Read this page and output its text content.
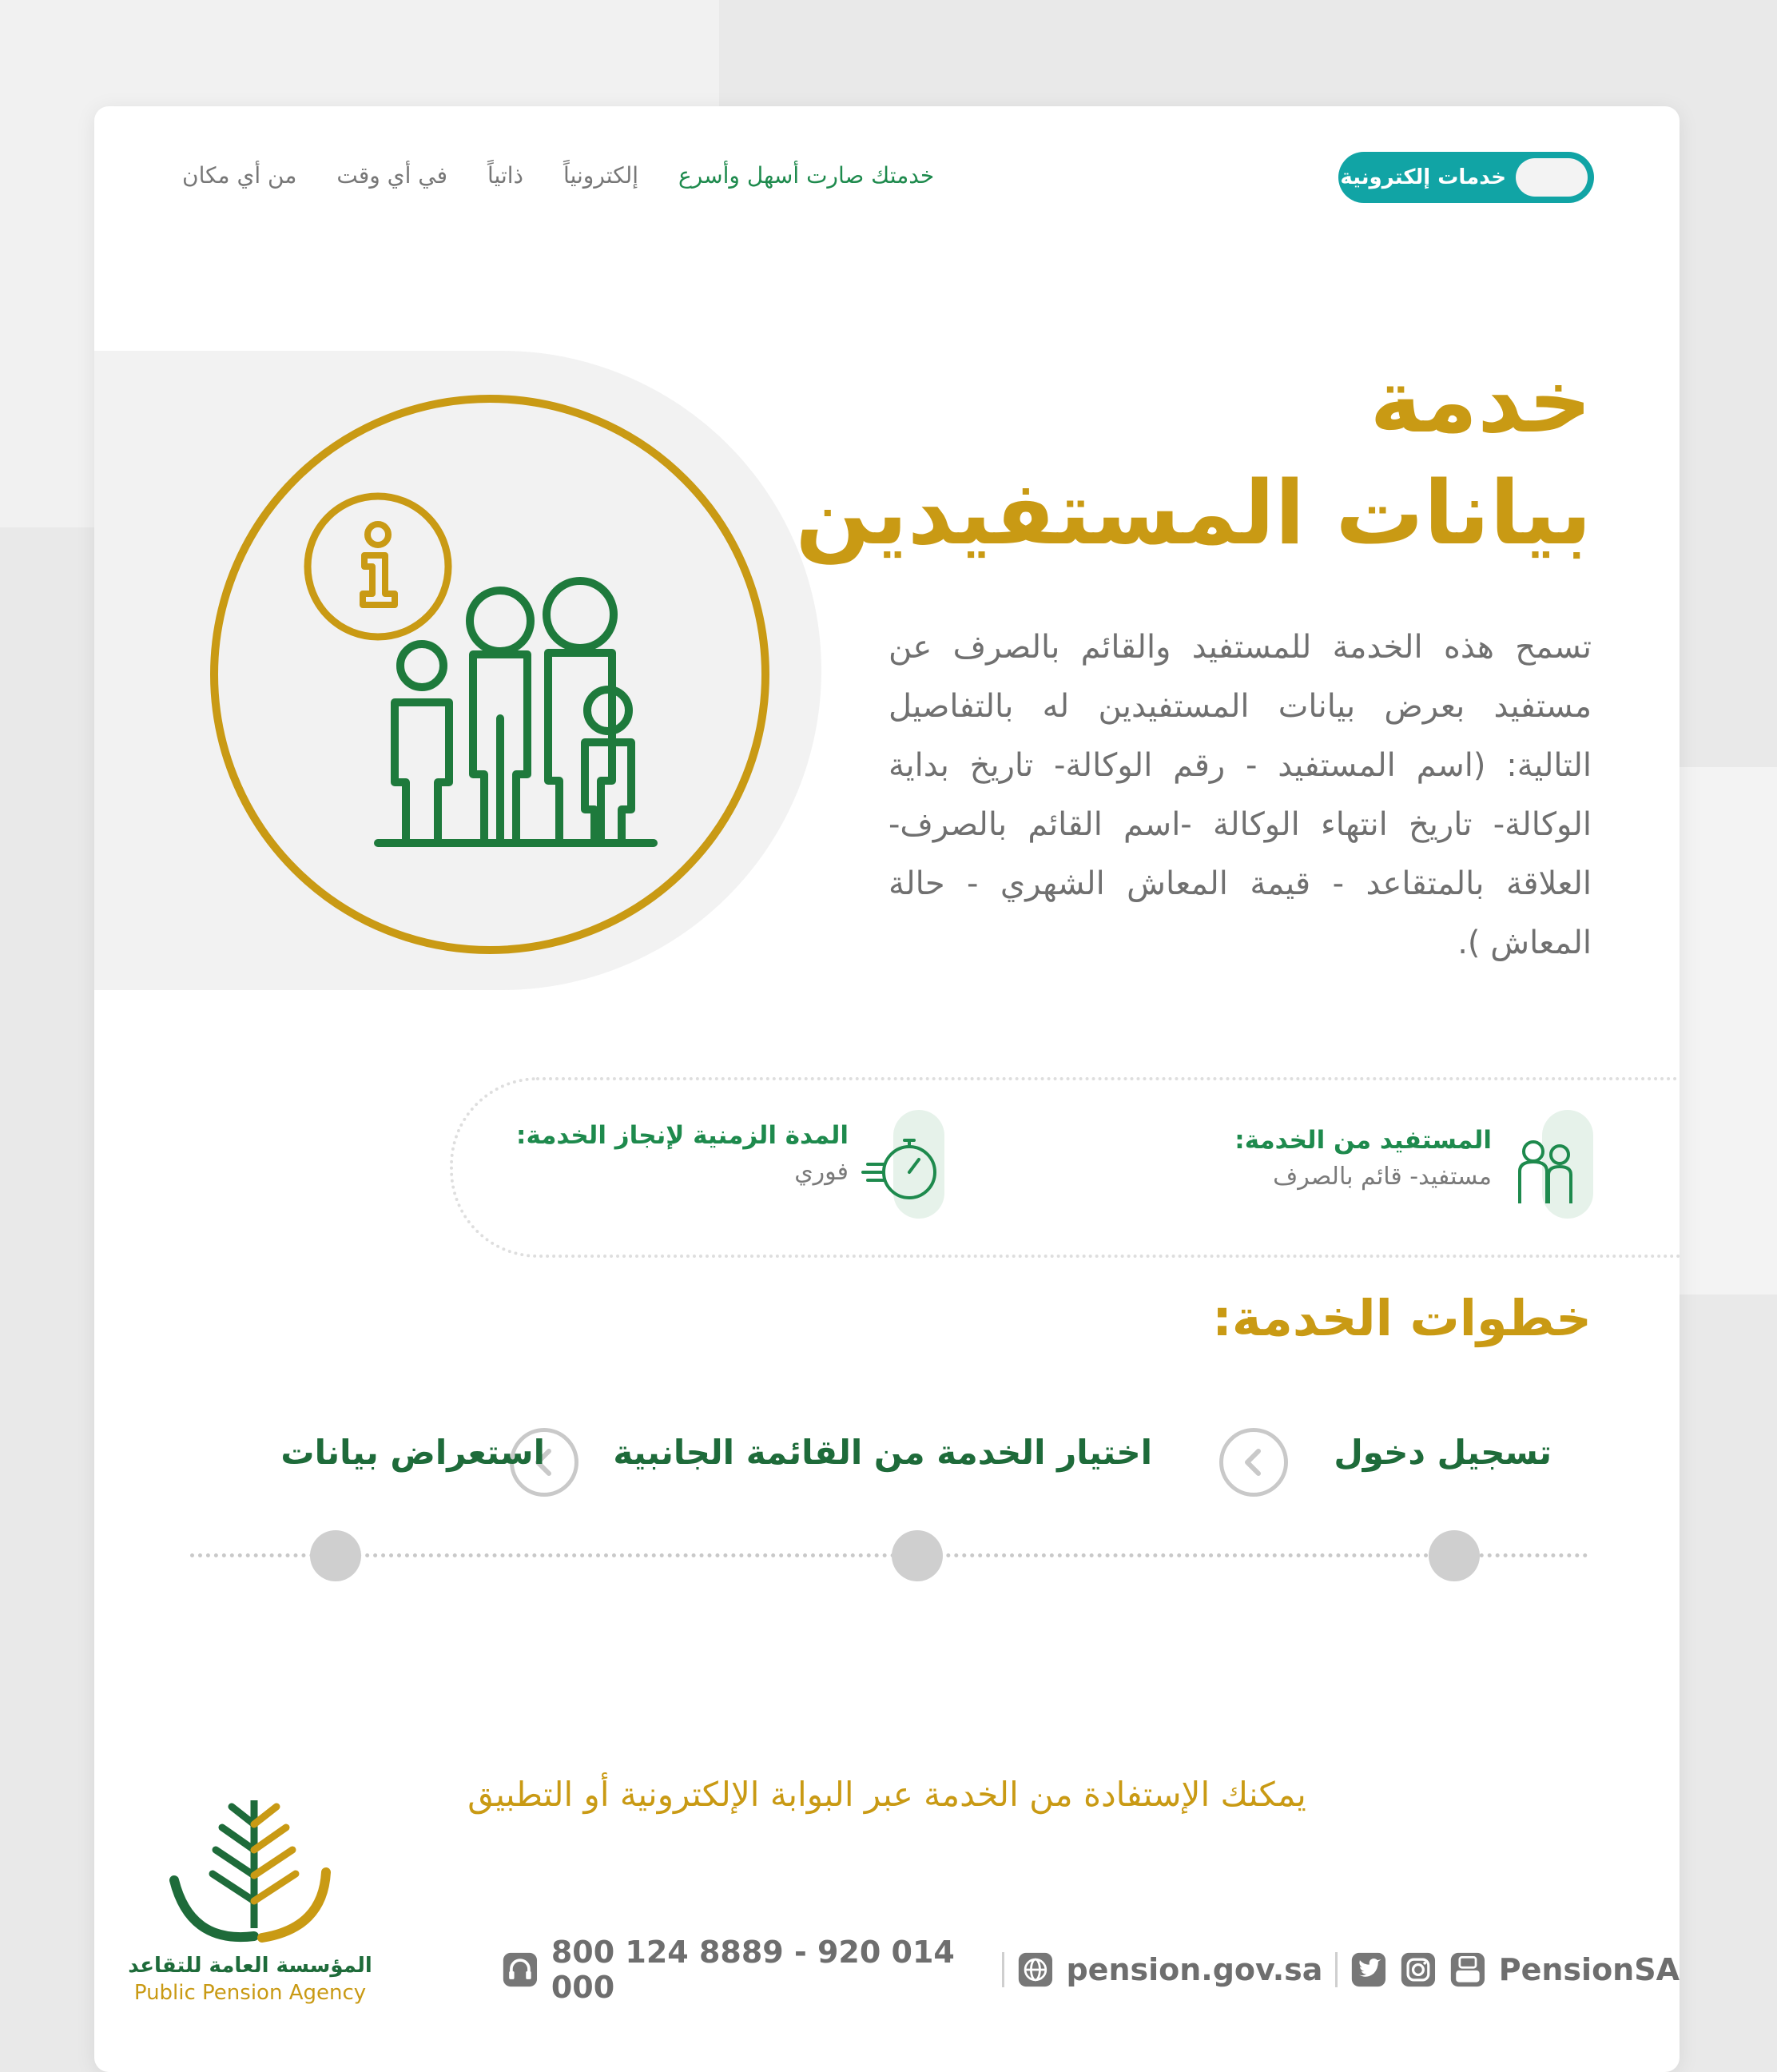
خدمتك صارت أسهل وأسرع
إلكترونياً
ذاتياً
في أي وقت
من أي مكان	خدمات إلكترونية
خدمة
بيانات المستفيدين
تسمح هذه الخدمة للمستفيد والقائم بالصرف عن مستفيد بعرض بيانات المستفيدين له بالتفاصيل التالية: (اسم المستفيد - رقم الوكالة- تاريخ بداية الوكالة- تاريخ انتهاء الوكالة -اسم القائم بالصرف-العلاقة بالمتقاعد - قيمة المعاش الشهري - حالة المعاش ).
المستفيد من الخدمة:
مستفيد- قائم بالصرف
المدة الزمنية لإنجاز الخدمة:
فوري
خطوات الخدمة:
تسجيل دخول
اختيار الخدمة من القائمة الجانبية
استعراض بيانات
يمكنك الإستفادة من الخدمة عبر البوابة الإلكترونية أو التطبيق
المؤسسة العامة للتقاعد
Public Pension Agency
800 124 8889 - 920 014 000	pension.gov.sa	PensionSA
